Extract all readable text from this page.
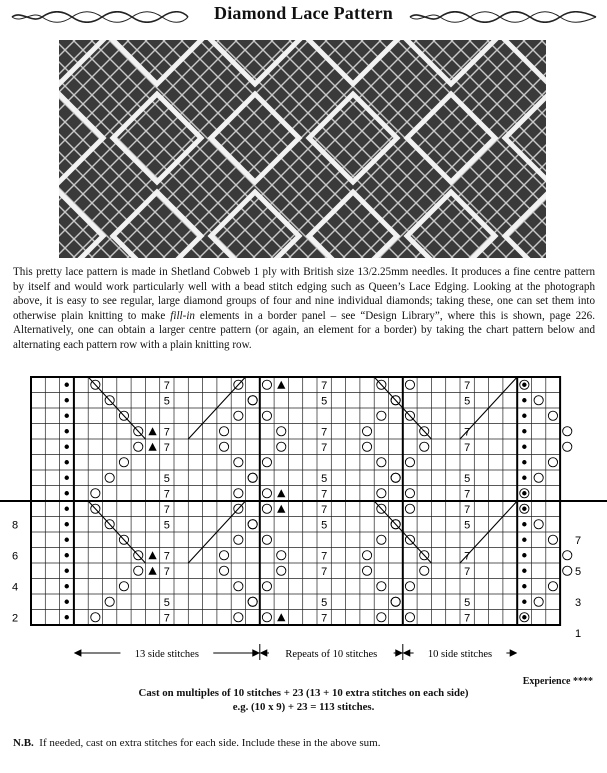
Diamond Lace Pattern

This pretty lace pattern is made in Shetland Cobweb 1 ply with British size 13/2.25mm needles. It produces a fine centre pattern by itself and would work particularly well with a bead stitch edging such as Queen’s Lace Edging. Looking at the photograph above, it is easy to see regular, large diamond groups of four and nine individual diamonds; taking these, one can set them into otherwise plain knitting to make fill-in elements in a border panel – see “Design Library”, where this is shown, page 226. Alternatively, one can obtain a larger centre pattern (or again, an element for a border) by taking the chart pattern below and alternating each pattern row with a plain knitting row.

7	7	7
5	5	5
7	7	7
7	7	7
5	5	5
7	7	7
7	7	7
5	5	5
7	7	7
7	7	7
5	5	5
7	7	7
8
6
4
2
7
5
3
1
13 side stitches	Repeats of 10 stitches	10 side stitches
Experience ****
Cast on multiples of 10 stitches + 23 (13 + 10 extra stitches on each side)
e.g. (10 x 9) + 23 = 113 stitches.
N.B. If needed, cast on extra stitches for each side. Include these in the above sum.
